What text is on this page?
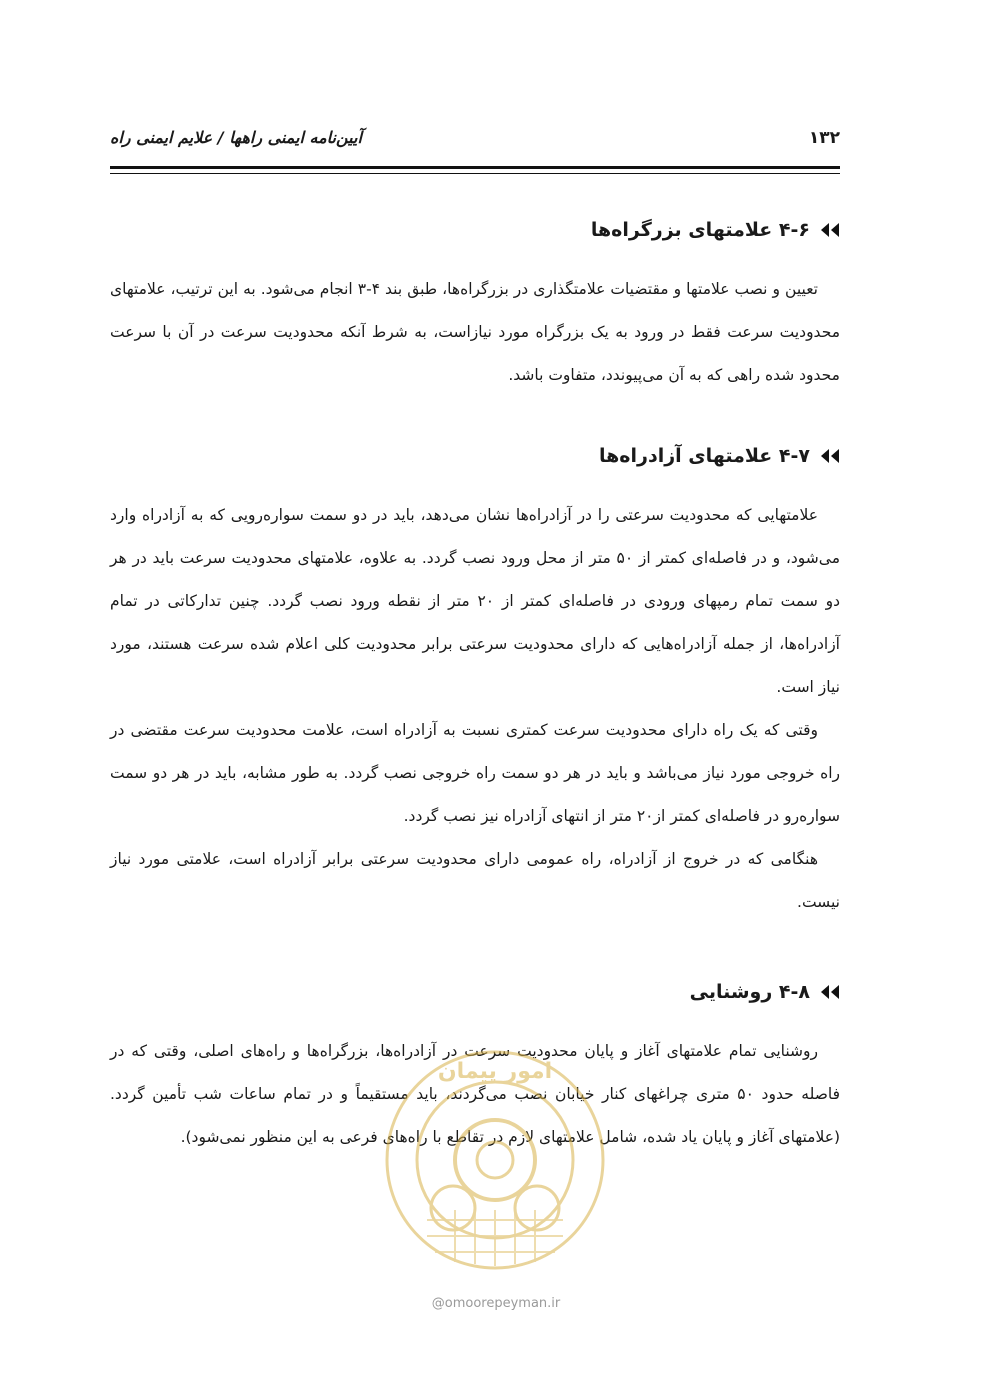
۱۳۲
آیین‌نامه ایمنی راهها / علایم ایمنی راه
۴-۶ علامتهای بزرگراه‌ها

تعیین و نصب علامتها و مقتضیات علامتگذاری در بزرگراه‌ها، طبق بند ۴-۳ انجام می‌شود. به این ترتیب، علامتهای محدودیت سرعت فقط در ورود به یک بزرگراه مورد نیازاست، به شرط آنکه محدودیت سرعت در آن با سرعت محدود شده راهی که به آن می‌پیوندد، متفاوت باشد.

۴-۷ علامتهای آزادراه‌ها

علامتهایی که محدودیت سرعتی را در آزادراه‌ها نشان می‌دهد، باید در دو سمت سواره‌رویی که به آزادراه وارد می‌شود، و در فاصله‌ای کمتر از ۵۰ متر از محل ورود نصب گردد. به علاوه، علامتهای محدودیت سرعت باید در هر دو سمت تمام رمپهای ورودی در فاصله‌ای کمتر از ۲۰ متر از نقطه ورود نصب گردد. چنین تدارکاتی در تمام آزادراه‌ها، از جمله آزادراه‌هایی که دارای محدودیت سرعتی برابر محدودیت کلی اعلام شده سرعت هستند، مورد نیاز است.

وقتی که یک راه دارای محدودیت سرعت کمتری نسبت به آزادراه است، علامت محدودیت سرعت مقتضی در راه خروجی مورد نیاز می‌باشد و باید در هر دو سمت راه خروجی نصب گردد. به طور مشابه، باید در هر دو سمت سواره‌رو در فاصله‌ای کمتر از۲۰ متر از انتهای آزادراه نیز نصب گردد.

هنگامی که در خروج از آزادراه، راه عمومی دارای محدودیت سرعتی برابر آزادراه است، علامتی مورد نیاز نیست.

۴-۸ روشنایی

روشنایی تمام علامتهای آغاز و پایان محدودیت سرعت در آزادراه‌ها، بزرگراه‌ها و راه‌های اصلی، وقتی که در فاصله حدود ۵۰ متری چراغهای کنار خیابان نصب می‌گردند، باید مستقیماً و در تمام ساعات شب تأمین گردد. (علامتهای آغاز و پایان یاد شده، شامل علامتهای لازم در تقاطع با راه‌های فرعی به این منظور نمی‌شود).

امور پیمان
@omoorepeyman.ir
